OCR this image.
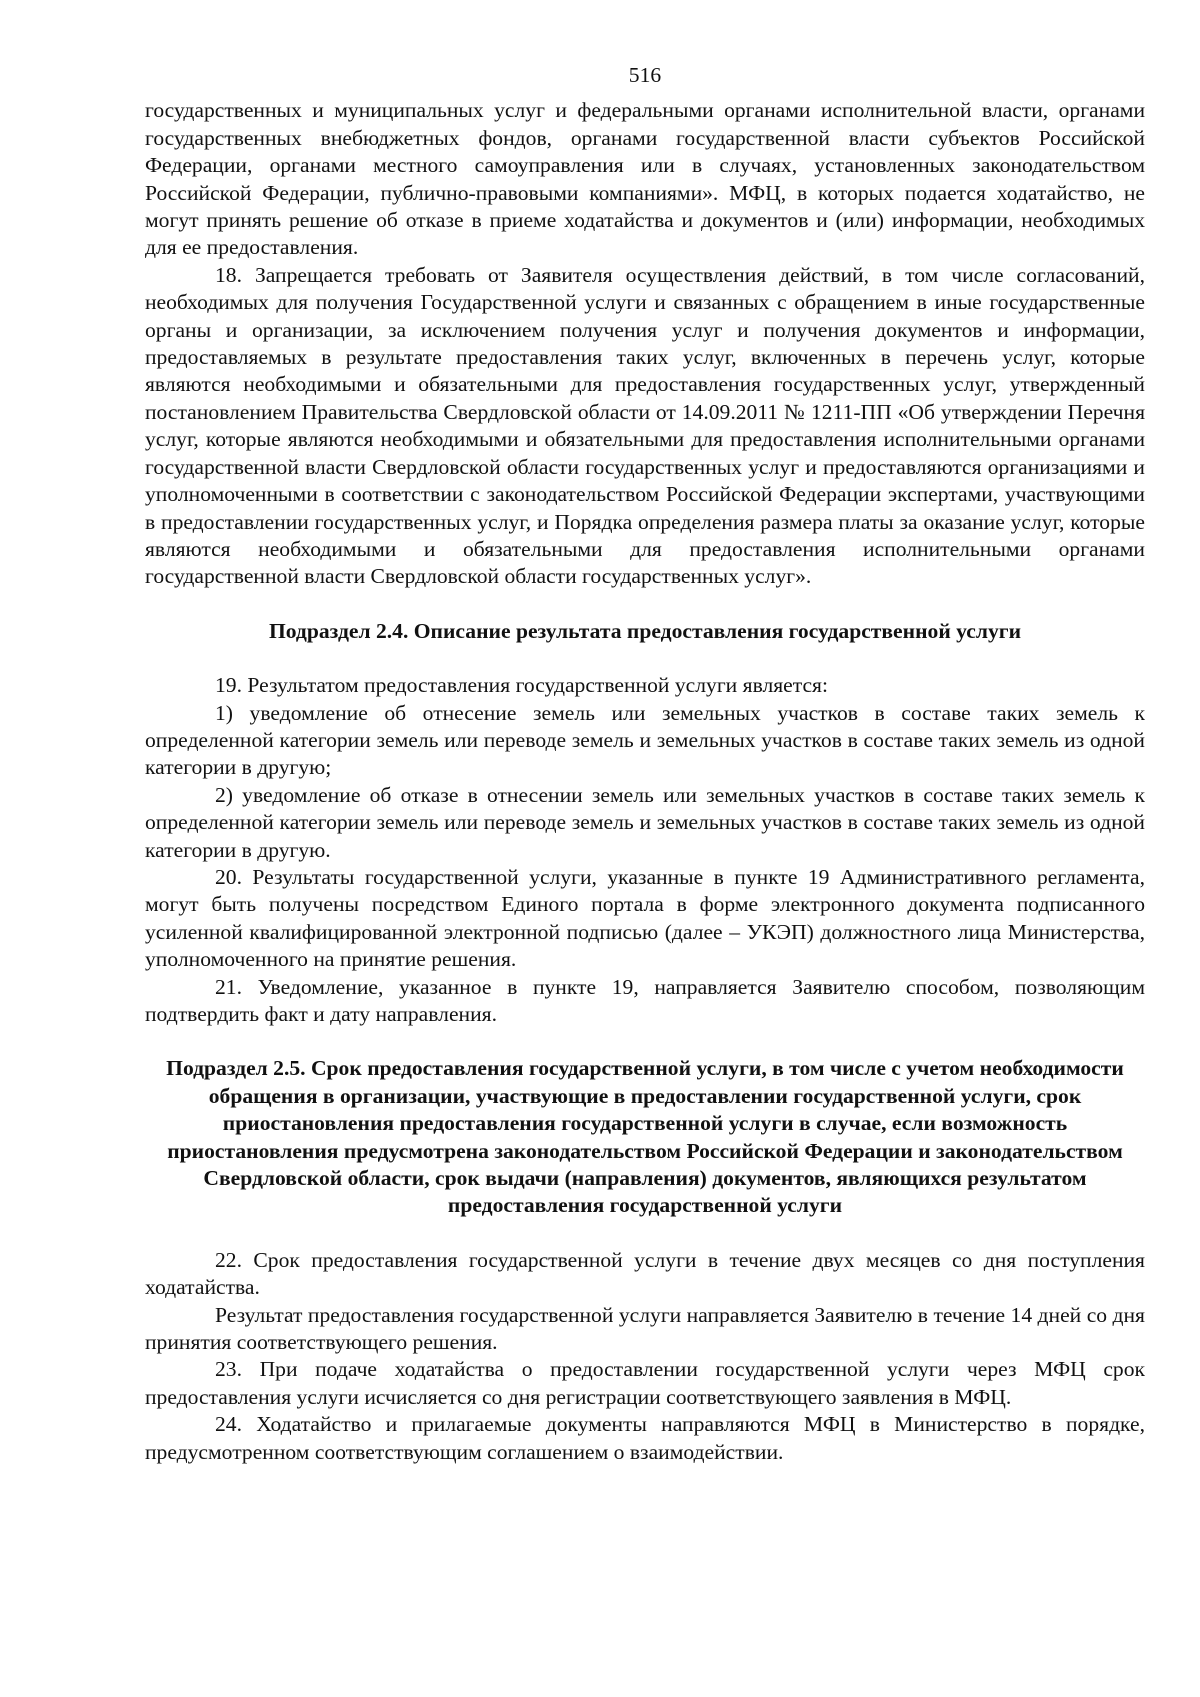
516

государственных и муниципальных услуг и федеральными органами исполнительной власти, органами государственных внебюджетных фондов, органами государственной власти субъектов Российской Федерации, органами местного самоуправления или в случаях, установленных законодательством Российской Федерации, публично-правовыми компаниями». МФЦ, в которых подается ходатайство, не могут принять решение об отказе в приеме ходатайства и документов и (или) информации, необходимых для ее предоставления.

18. Запрещается требовать от Заявителя осуществления действий, в том числе согласований, необходимых для получения Государственной услуги и связанных с обращением в иные государственные органы и организации, за исключением получения услуг и получения документов и информации, предоставляемых в результате предоставления таких услуг, включенных в перечень услуг, которые являются необходимыми и обязательными для предоставления государственных услуг, утвержденный постановлением Правительства Свердловской области от 14.09.2011 № 1211-ПП «Об утверждении Перечня услуг, которые являются необходимыми и обязательными для предоставления исполнительными органами государственной власти Свердловской области государственных услуг и предоставляются организациями и уполномоченными в соответствии с законодательством Российской Федерации экспертами, участвующими в предоставлении государственных услуг, и Порядка определения размера платы за оказание услуг, которые являются необходимыми и обязательными для предоставления исполнительными органами государственной власти Свердловской области государственных услуг».

Подраздел 2.4. Описание результата предоставления государственной услуги

19. Результатом предоставления государственной услуги является:

1) уведомление об отнесение земель или земельных участков в составе таких земель к определенной категории земель или переводе земель и земельных участков в составе таких земель из одной категории в другую;

2) уведомление об отказе в отнесении земель или земельных участков в составе таких земель к определенной категории земель или переводе земель и земельных участков в составе таких земель из одной категории в другую.

20. Результаты государственной услуги, указанные в пункте 19 Административного регламента, могут быть получены посредством Единого портала в форме электронного документа подписанного усиленной квалифицированной электронной подписью (далее – УКЭП) должностного лица Министерства, уполномоченного на принятие решения.

21. Уведомление, указанное в пункте 19, направляется Заявителю способом, позволяющим подтвердить факт и дату направления.

Подраздел 2.5. Срок предоставления государственной услуги, в том числе с учетом необходимости обращения в организации, участвующие в предоставлении государственной услуги, срок приостановления предоставления государственной услуги в случае, если возможность приостановления предусмотрена законодательством Российской Федерации и законодательством Свердловской области, срок выдачи (направления) документов, являющихся результатом предоставления государственной услуги

22. Срок предоставления государственной услуги в течение двух месяцев со дня поступления ходатайства.

Результат предоставления государственной услуги направляется Заявителю в течение 14 дней со дня принятия соответствующего решения.

23. При подаче ходатайства о предоставлении государственной услуги через МФЦ срок предоставления услуги исчисляется со дня регистрации соответствующего заявления в МФЦ.

24. Ходатайство и прилагаемые документы направляются МФЦ в Министерство в порядке, предусмотренном соответствующим соглашением о взаимодействии.
